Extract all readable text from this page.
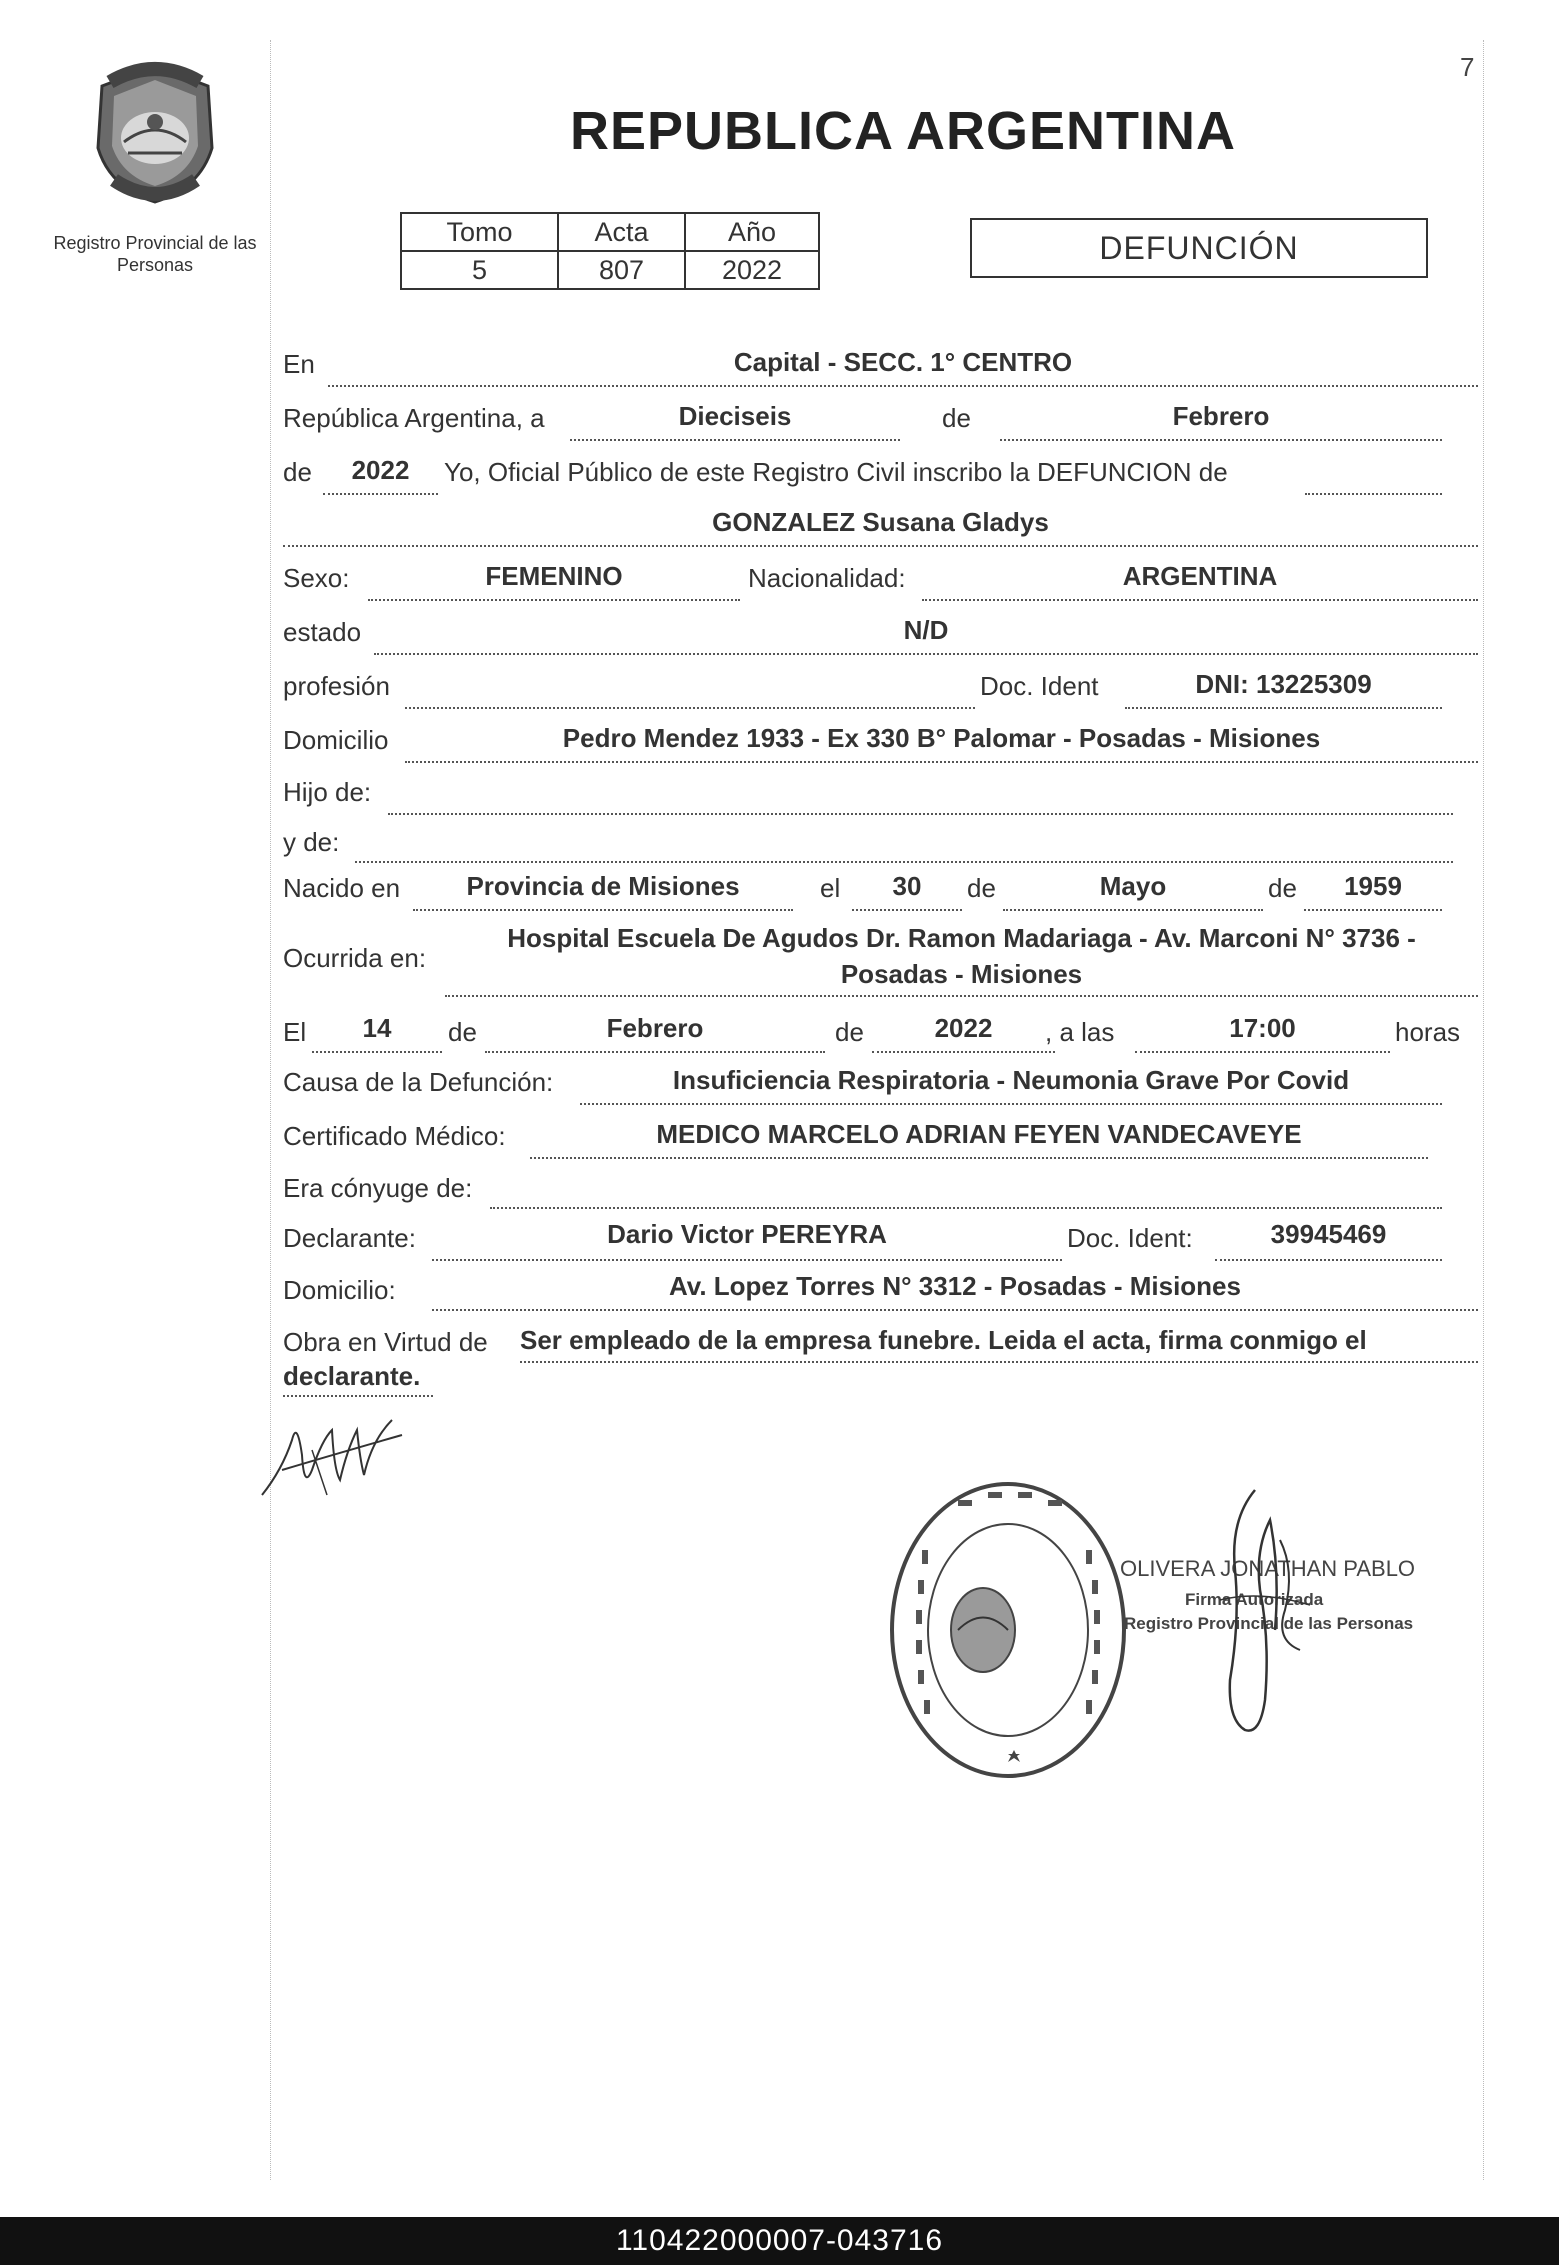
7
Registro Provincial de las Personas
REPUBLICA ARGENTINA
Tomo	Acta	Año
5	807	2022
DEFUNCIÓN
En	Capital - SECC. 1° CENTRO
República Argentina, a	Dieciseis	de	Febrero
de	2022	Yo, Oficial Público de este Registro Civil inscribo la DEFUNCION de
GONZALEZ Susana Gladys
Sexo:	FEMENINO	Nacionalidad:	ARGENTINA
estado	N/D
profesión	Doc. Ident	DNI: 13225309
Domicilio	Pedro Mendez 1933 - Ex 330 B° Palomar - Posadas - Misiones
Hijo de:
y de:
Nacido en	Provincia de Misiones	el	30	de	Mayo	de	1959
Ocurrida en:
Hospital Escuela De Agudos Dr. Ramon Madariaga - Av. Marconi N° 3736 -
Posadas - Misiones
El	14	de	Febrero	de	2022	, a las	17:00	horas
Causa de la Defunción:	Insuficiencia Respiratoria - Neumonia Grave Por Covid
Certificado Médico:	MEDICO MARCELO ADRIAN FEYEN VANDECAVEYE
Era cónyuge de:
Declarante:	Dario Victor PEREYRA	Doc. Ident:	39945469
Domicilio:	Av. Lopez Torres N° 3312 - Posadas - Misiones
Obra en Virtud de Ser empleado de la empresa funebre. Leida el acta, firma conmigo el
declarante.
OLIVERA JONATHAN PABLO
Firma Autorizada
Registro Provincial de las Personas
110422000007-043716
